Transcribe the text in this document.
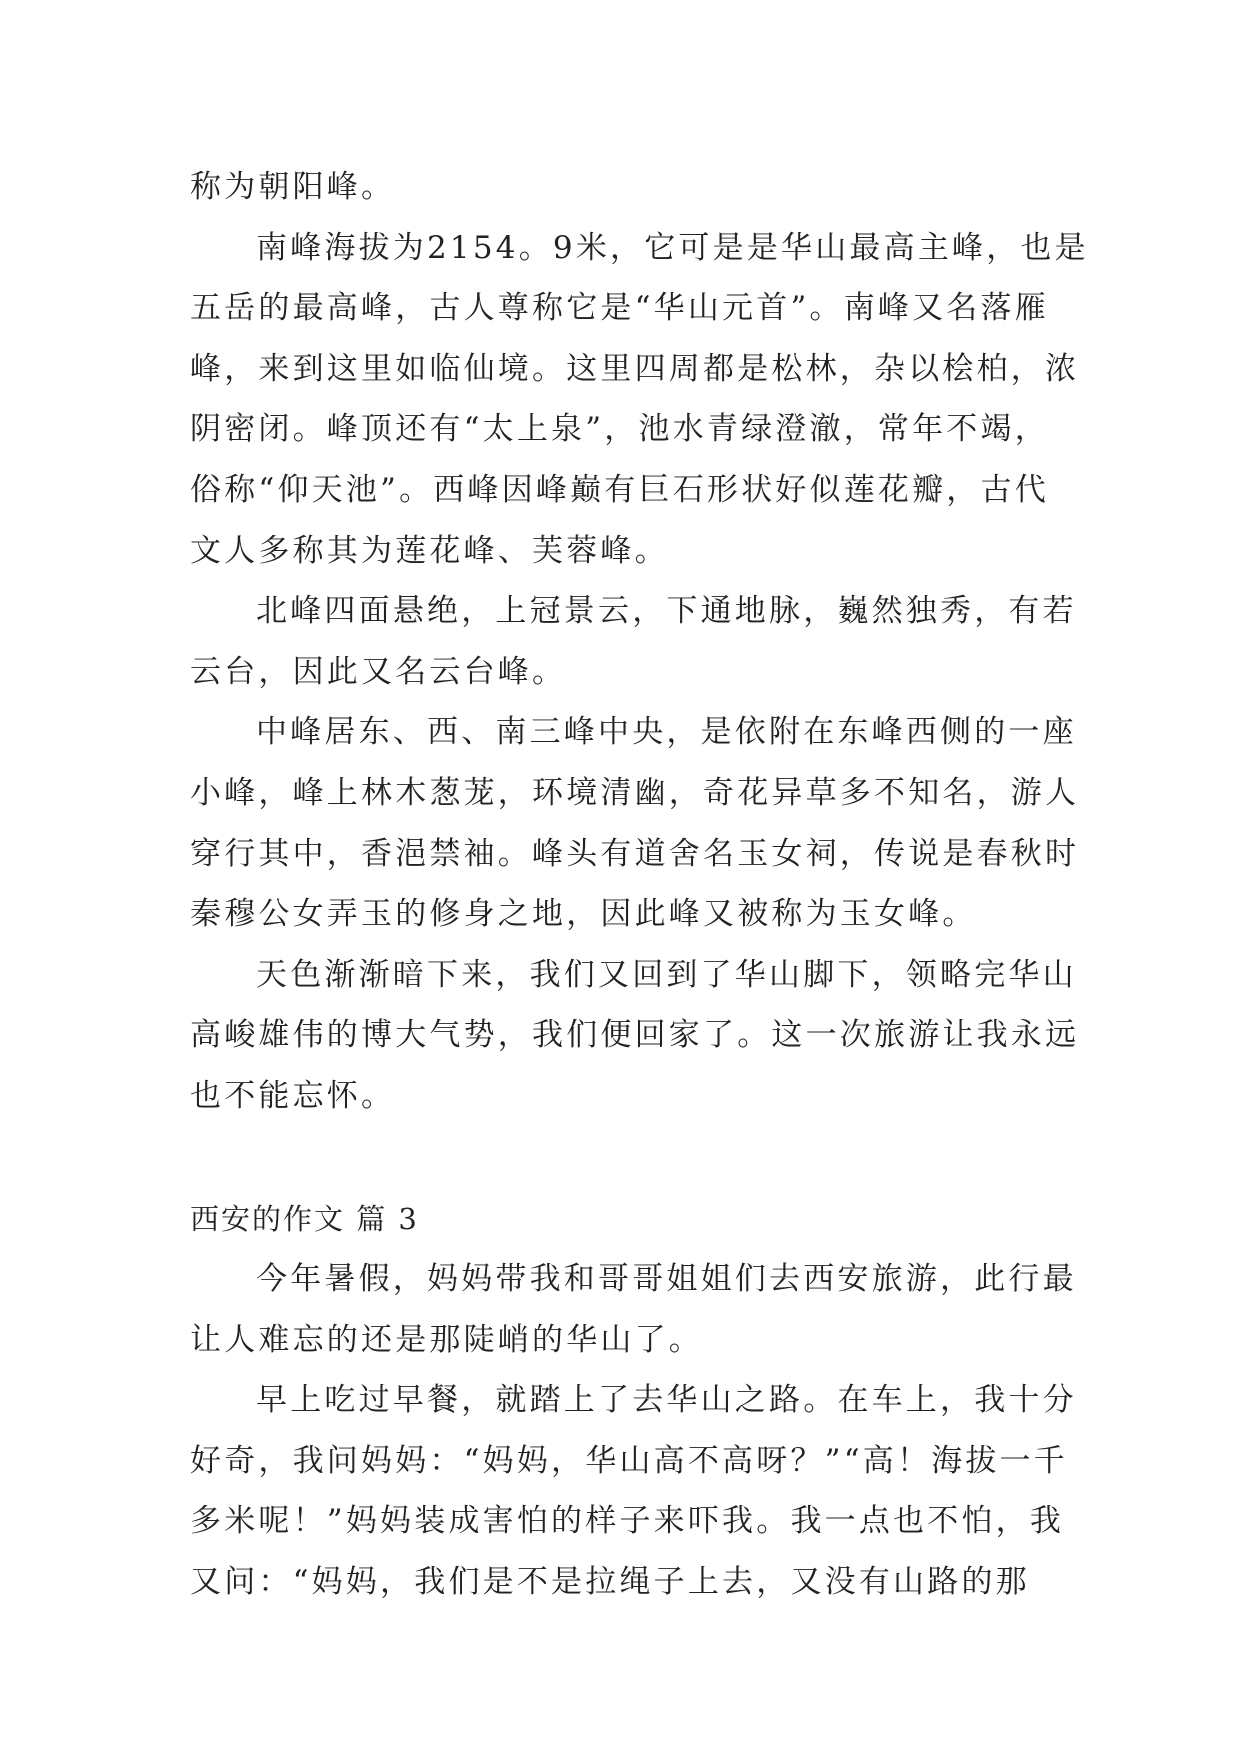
称为朝阳峰。
南峰海拔为2154。9米，它可是是华山最高主峰，也是
五岳的最高峰，古人尊称它是“华山元首”。南峰又名落雁
峰，来到这里如临仙境。这里四周都是松林，杂以桧柏，浓
阴密闭。峰顶还有“太上泉”，池水青绿澄澈，常年不竭，
俗称“仰天池”。西峰因峰巅有巨石形状好似莲花瓣，古代
文人多称其为莲花峰、芙蓉峰。
北峰四面悬绝，上冠景云，下通地脉，巍然独秀，有若
云台，因此又名云台峰。
中峰居东、西、南三峰中央，是依附在东峰西侧的一座
小峰，峰上林木葱茏，环境清幽，奇花异草多不知名，游人
穿行其中，香浥禁袖。峰头有道舍名玉女祠，传说是春秋时
秦穆公女弄玉的修身之地，因此峰又被称为玉女峰。
天色渐渐暗下来，我们又回到了华山脚下，领略完华山
高峻雄伟的博大气势，我们便回家了。这一次旅游让我永远
也不能忘怀。
西安的作文 篇 3
今年暑假，妈妈带我和哥哥姐姐们去西安旅游，此行最
让人难忘的还是那陡峭的华山了。
早上吃过早餐，就踏上了去华山之路。在车上，我十分
好奇，我问妈妈：“妈妈，华山高不高呀？”“高！海拔一千
多米呢！”妈妈装成害怕的样子来吓我。我一点也不怕，我
又问：“妈妈，我们是不是拉绳子上去，又没有山路的那
